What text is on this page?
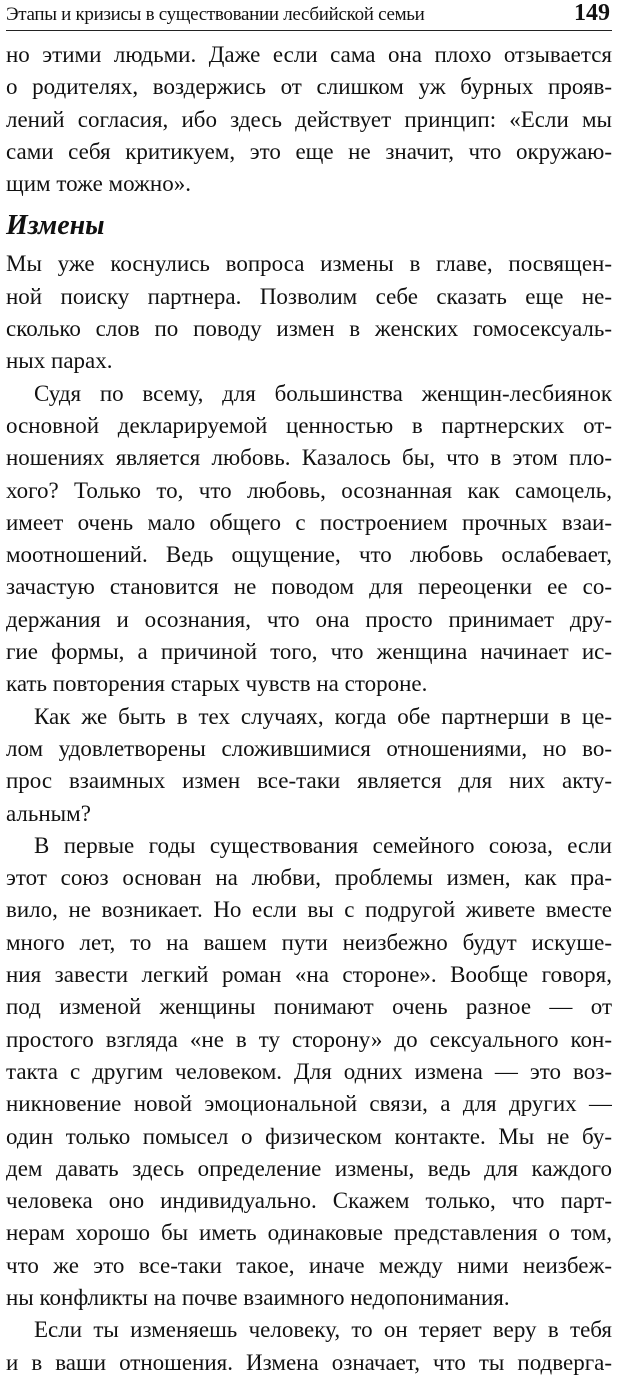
Этапы и кризисы в существовании лесбийской семьи	149
но этими людьми. Даже если сама она плохо отзывается
о родителях, воздержись от слишком уж бурных прояв-
лений согласия, ибо здесь действует принцип: «Если мы
сами себя критикуем, это еще не значит, что окружаю-
щим тоже можно».
Измены
Мы уже коснулись вопроса измены в главе, посвящен-
ной поиску партнера. Позволим себе сказать еще не-
сколько слов по поводу измен в женских гомосексуаль-
ных парах.
Судя по всему, для большинства женщин-лесбиянок
основной декларируемой ценностью в партнерских от-
ношениях является любовь. Казалось бы, что в этом пло-
хого? Только то, что любовь, осознанная как самоцель,
имеет очень мало общего с построением прочных взаи-
моотношений. Ведь ощущение, что любовь ослабевает,
зачастую становится не поводом для переоценки ее со-
держания и осознания, что она просто принимает дру-
гие формы, а причиной того, что женщина начинает ис-
кать повторения старых чувств на стороне.
Как же быть в тех случаях, когда обе партнерши в це-
лом удовлетворены сложившимися отношениями, но во-
прос взаимных измен все-таки является для них акту-
альным?
В первые годы существования семейного союза, если
этот союз основан на любви, проблемы измен, как пра-
вило, не возникает. Но если вы с подругой живете вместе
много лет, то на вашем пути неизбежно будут искуше-
ния завести легкий роман «на стороне». Вообще говоря,
под изменой женщины понимают очень разное — от
простого взгляда «не в ту сторону» до сексуального кон-
такта с другим человеком. Для одних измена — это воз-
никновение новой эмоциональной связи, а для других —
один только помысел о физическом контакте. Мы не бу-
дем давать здесь определение измены, ведь для каждого
человека оно индивидуально. Скажем только, что парт-
нерам хорошо бы иметь одинаковые представления о том,
что же это все-таки такое, иначе между ними неизбеж-
ны конфликты на почве взаимного недопонимания.
Если ты изменяешь человеку, то он теряет веру в тебя
и в ваши отношения. Измена означает, что ты подверга-
